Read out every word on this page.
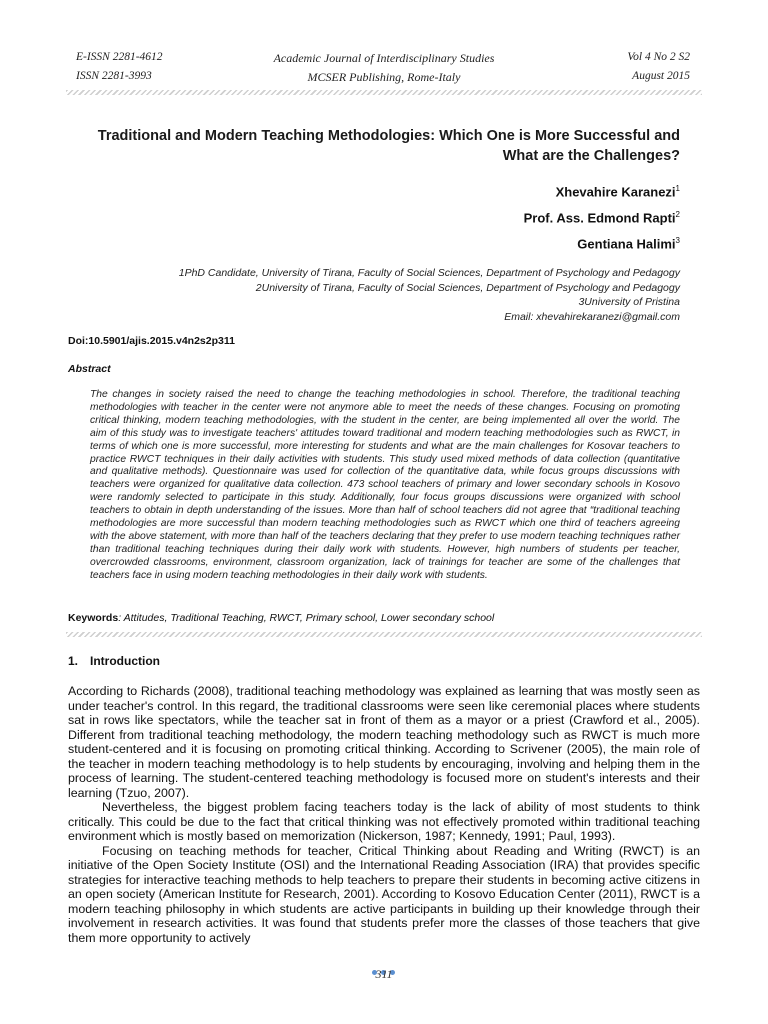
E-ISSN 2281-4612
ISSN 2281-3993
Academic Journal of Interdisciplinary Studies
MCSER Publishing, Rome-Italy
Vol 4 No 2 S2
August 2015
Traditional and Modern Teaching Methodologies: Which One is More Successful and What are the Challenges?
Xhevahire Karanezi$^1$
Prof. Ass. Edmond Rapti$^2$
Gentiana Halimi$^3$
1PhD Candidate, University of Tirana, Faculty of Social Sciences, Department of Psychology and Pedagogy
2University of Tirana, Faculty of Social Sciences, Department of Psychology and Pedagogy
3University of Pristina
Email: xhevahirekaranezi@gmail.com
Doi:10.5901/ajis.2015.v4n2s2p311
Abstract
The changes in society raised the need to change the teaching methodologies in school. Therefore, the traditional teaching methodologies with teacher in the center were not anymore able to meet the needs of these changes. Focusing on promoting critical thinking, modern teaching methodologies, with the student in the center, are being implemented all over the world. The aim of this study was to investigate teachers' attitudes toward traditional and modern teaching methodologies such as RWCT, in terms of which one is more successful, more interesting for students and what are the main challenges for Kosovar teachers to practice RWCT techniques in their daily activities with students. This study used mixed methods of data collection (quantitative and qualitative methods). Questionnaire was used for collection of the quantitative data, while focus groups discussions with teachers were organized for qualitative data collection. 473 school teachers of primary and lower secondary schools in Kosovo were randomly selected to participate in this study. Additionally, four focus groups discussions were organized with school teachers to obtain in depth understanding of the issues. More than half of school teachers did not agree that “traditional teaching methodologies are more successful than modern teaching methodologies such as RWCT which one third of teachers agreeing with the above statement, with more than half of the teachers declaring that they prefer to use modern teaching techniques rather than traditional teaching techniques during their daily work with students. However, high numbers of students per teacher, overcrowded classrooms, environment, classroom organization, lack of trainings for teacher are some of the challenges that teachers face in using modern teaching methodologies in their daily work with students.
Keywords: Attitudes, Traditional Teaching, RWCT, Primary school, Lower secondary school
1. Introduction

According to Richards (2008), traditional teaching methodology was explained as learning that was mostly seen as under teacher's control. In this regard, the traditional classrooms were seen like ceremonial places where students sat in rows like spectators, while the teacher sat in front of them as a mayor or a priest (Crawford et al., 2005). Different from traditional teaching methodology, the modern teaching methodology such as RWCT is much more student-centered and it is focusing on promoting critical thinking. According to Scrivener (2005), the main role of the teacher in modern teaching methodology is to help students by encouraging, involving and helping them in the process of learning. The student-centered teaching methodology is focused more on student's interests and their learning (Tzuo, 2007).

Nevertheless, the biggest problem facing teachers today is the lack of ability of most students to think critically. This could be due to the fact that critical thinking was not effectively promoted within traditional teaching environment which is mostly based on memorization (Nickerson, 1987; Kennedy, 1991; Paul, 1993).

Focusing on teaching methods for teacher, Critical Thinking about Reading and Writing (RWCT) is an initiative of the Open Society Institute (OSI) and the International Reading Association (IRA) that provides specific strategies for interactive teaching methods to help teachers to prepare their students in becoming active citizens in an open society (American Institute for Research, 2001). According to Kosovo Education Center (2011), RWCT is a modern teaching philosophy in which students are active participants in building up their knowledge through their involvement in research activities. It was found that students prefer more the classes of those teachers that give them more opportunity to actively

311
